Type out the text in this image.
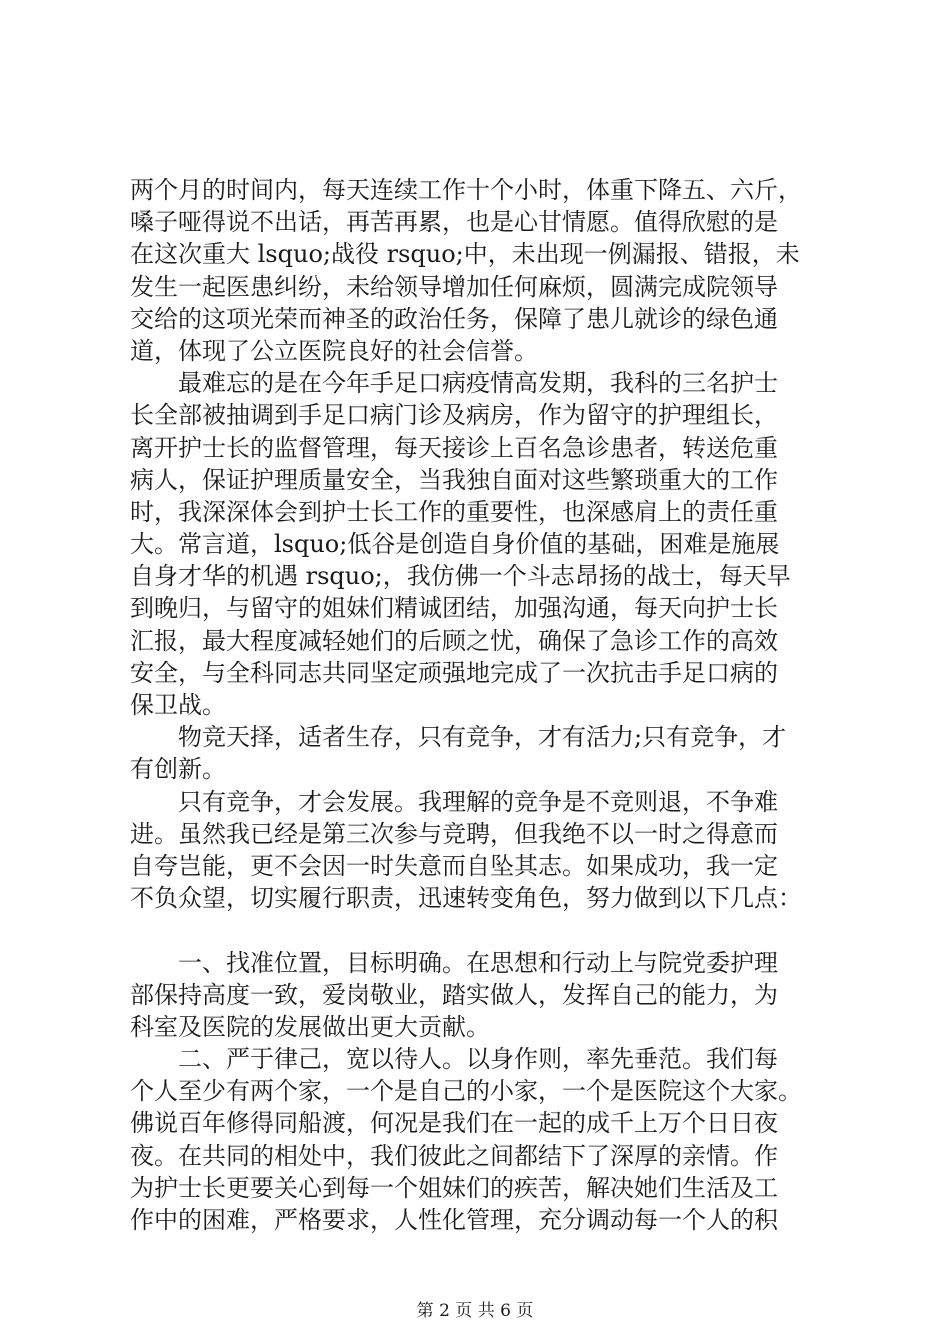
两个月的时间内，每天连续工作十个小时，体重下降五、六斤，
嗓子哑得说不出话，再苦再累，也是心甘情愿。值得欣慰的是
在这次重大 lsquo;战役 rsquo;中，未出现一例漏报、错报，未
发生一起医患纠纷，未给领导增加任何麻烦，圆满完成院领导
交给的这项光荣而神圣的政治任务，保障了患儿就诊的绿色通
道，体现了公立医院良好的社会信誉。
最难忘的是在今年手足口病疫情高发期，我科的三名护士
长全部被抽调到手足口病门诊及病房，作为留守的护理组长，
离开护士长的监督管理，每天接诊上百名急诊患者，转送危重
病人，保证护理质量安全，当我独自面对这些繁琐重大的工作
时，我深深体会到护士长工作的重要性，也深感肩上的责任重
大。常言道，lsquo;低谷是创造自身价值的基础，困难是施展
自身才华的机遇 rsquo;，我仿佛一个斗志昂扬的战士，每天早
到晚归，与留守的姐妹们精诚团结，加强沟通，每天向护士长
汇报，最大程度减轻她们的后顾之忧，确保了急诊工作的高效
安全，与全科同志共同坚定顽强地完成了一次抗击手足口病的
保卫战。
物竞天择，适者生存，只有竞争，才有活力;只有竞争，才
有创新。
只有竞争，才会发展。我理解的竞争是不竞则退，不争难
进。虽然我已经是第三次参与竞聘，但我绝不以一时之得意而
自夸岂能，更不会因一时失意而自坠其志。如果成功，我一定
不负众望，切实履行职责，迅速转变角色，努力做到以下几点：
一、找准位置，目标明确。在思想和行动上与院党委护理
部保持高度一致，爱岗敬业，踏实做人，发挥自己的能力，为
科室及医院的发展做出更大贡献。
二、严于律己，宽以待人。以身作则，率先垂范。我们每
个人至少有两个家，一个是自己的小家，一个是医院这个大家。
佛说百年修得同船渡，何况是我们在一起的成千上万个日日夜
夜。在共同的相处中，我们彼此之间都结下了深厚的亲情。作
为护士长更要关心到每一个姐妹们的疾苦，解决她们生活及工
作中的困难，严格要求，人性化管理，充分调动每一个人的积
第 2 页 共 6 页
